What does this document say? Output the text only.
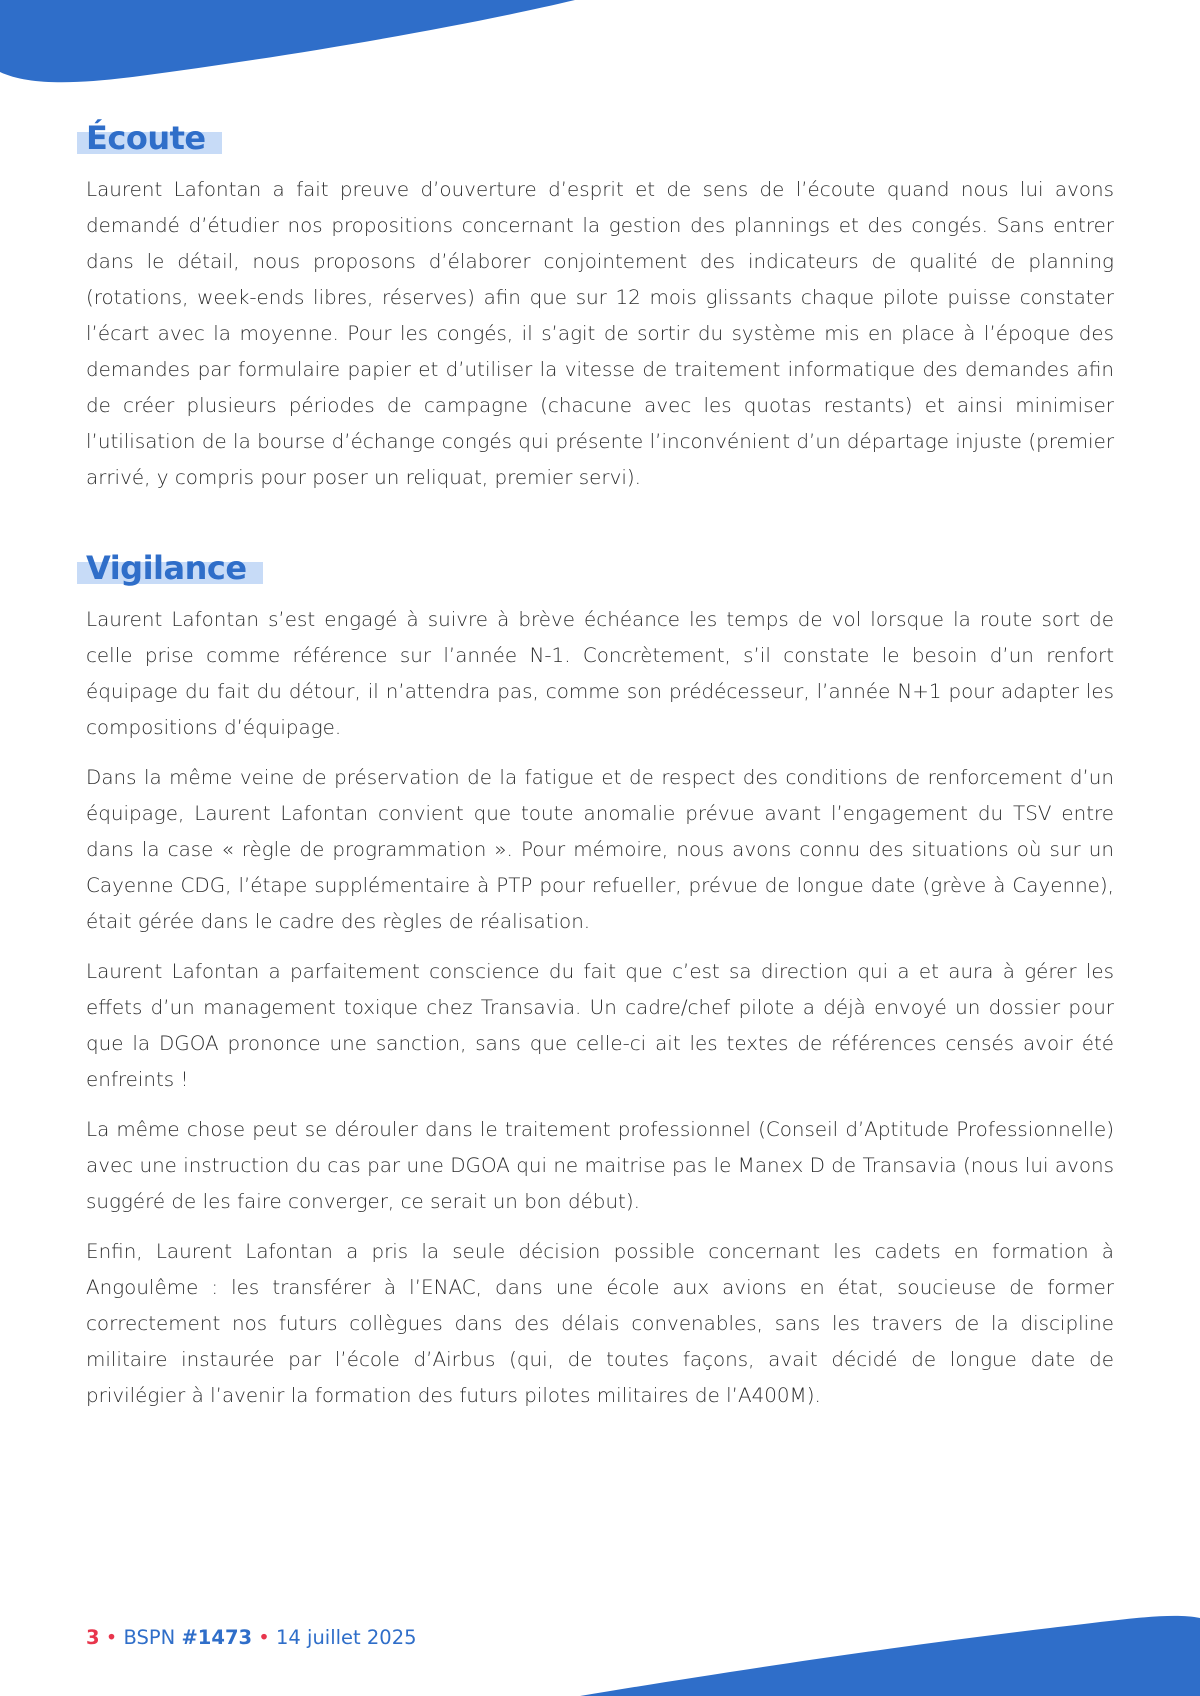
Écoute

Laurent Lafontan a fait preuve d’ouverture d’esprit et de sens de l’écoute quand nous lui avons demandé d’étudier nos propositions concernant la gestion des plannings et des congés. Sans entrer dans le détail, nous proposons d’élaborer conjointement des indicateurs de qualité de planning (rotations, week-ends libres, réserves) afin que sur 12 mois glissants chaque pilote puisse constater l’écart avec la moyenne. Pour les congés, il s’agit de sortir du système mis en place à l’époque des demandes par formulaire papier et d’utiliser la vitesse de traitement informatique des demandes afin de créer plusieurs périodes de campagne (chacune avec les quotas restants) et ainsi minimiser l’utilisation de la bourse d’échange congés qui présente l’inconvénient d’un départage injuste (premier arrivé, y compris pour poser un reliquat, premier servi).

Vigilance

Laurent Lafontan s’est engagé à suivre à brève échéance les temps de vol lorsque la route sort de celle prise comme référence sur l’année N-1. Concrètement, s’il constate le besoin d’un renfort équipage du fait du détour, il n’attendra pas, comme son prédécesseur, l’année N+1 pour adapter les compositions d’équipage.

Dans la même veine de préservation de la fatigue et de respect des conditions de renforcement d’un équipage, Laurent Lafontan convient que toute anomalie prévue avant l’engagement du TSV entre dans la case « règle de programmation ». Pour mémoire, nous avons connu des situations où sur un Cayenne CDG, l’étape supplémentaire à PTP pour refueller, prévue de longue date (grève à Cayenne), était gérée dans le cadre des règles de réalisation.

Laurent Lafontan a parfaitement conscience du fait que c’est sa direction qui a et aura à gérer les effets d’un management toxique chez Transavia. Un cadre/chef pilote a déjà envoyé un dossier pour que la DGOA prononce une sanction, sans que celle-ci ait les textes de références censés avoir été enfreints !

La même chose peut se dérouler dans le traitement professionnel (Conseil d’Aptitude Professionnelle) avec une instruction du cas par une DGOA qui ne maitrise pas le Manex D de Transavia (nous lui avons suggéré de les faire converger, ce serait un bon début).

Enfin, Laurent Lafontan a pris la seule décision possible concernant les cadets en formation à Angoulême : les transférer à l’ENAC, dans une école aux avions en état, soucieuse de former correctement nos futurs collègues dans des délais convenables, sans les travers de la discipline militaire instaurée par l’école d’Airbus (qui, de toutes façons, avait décidé de longue date de privilégier à l’avenir la formation des futurs pilotes militaires de l’A400M).

3 • BSPN #1473 • 14 juillet 2025
